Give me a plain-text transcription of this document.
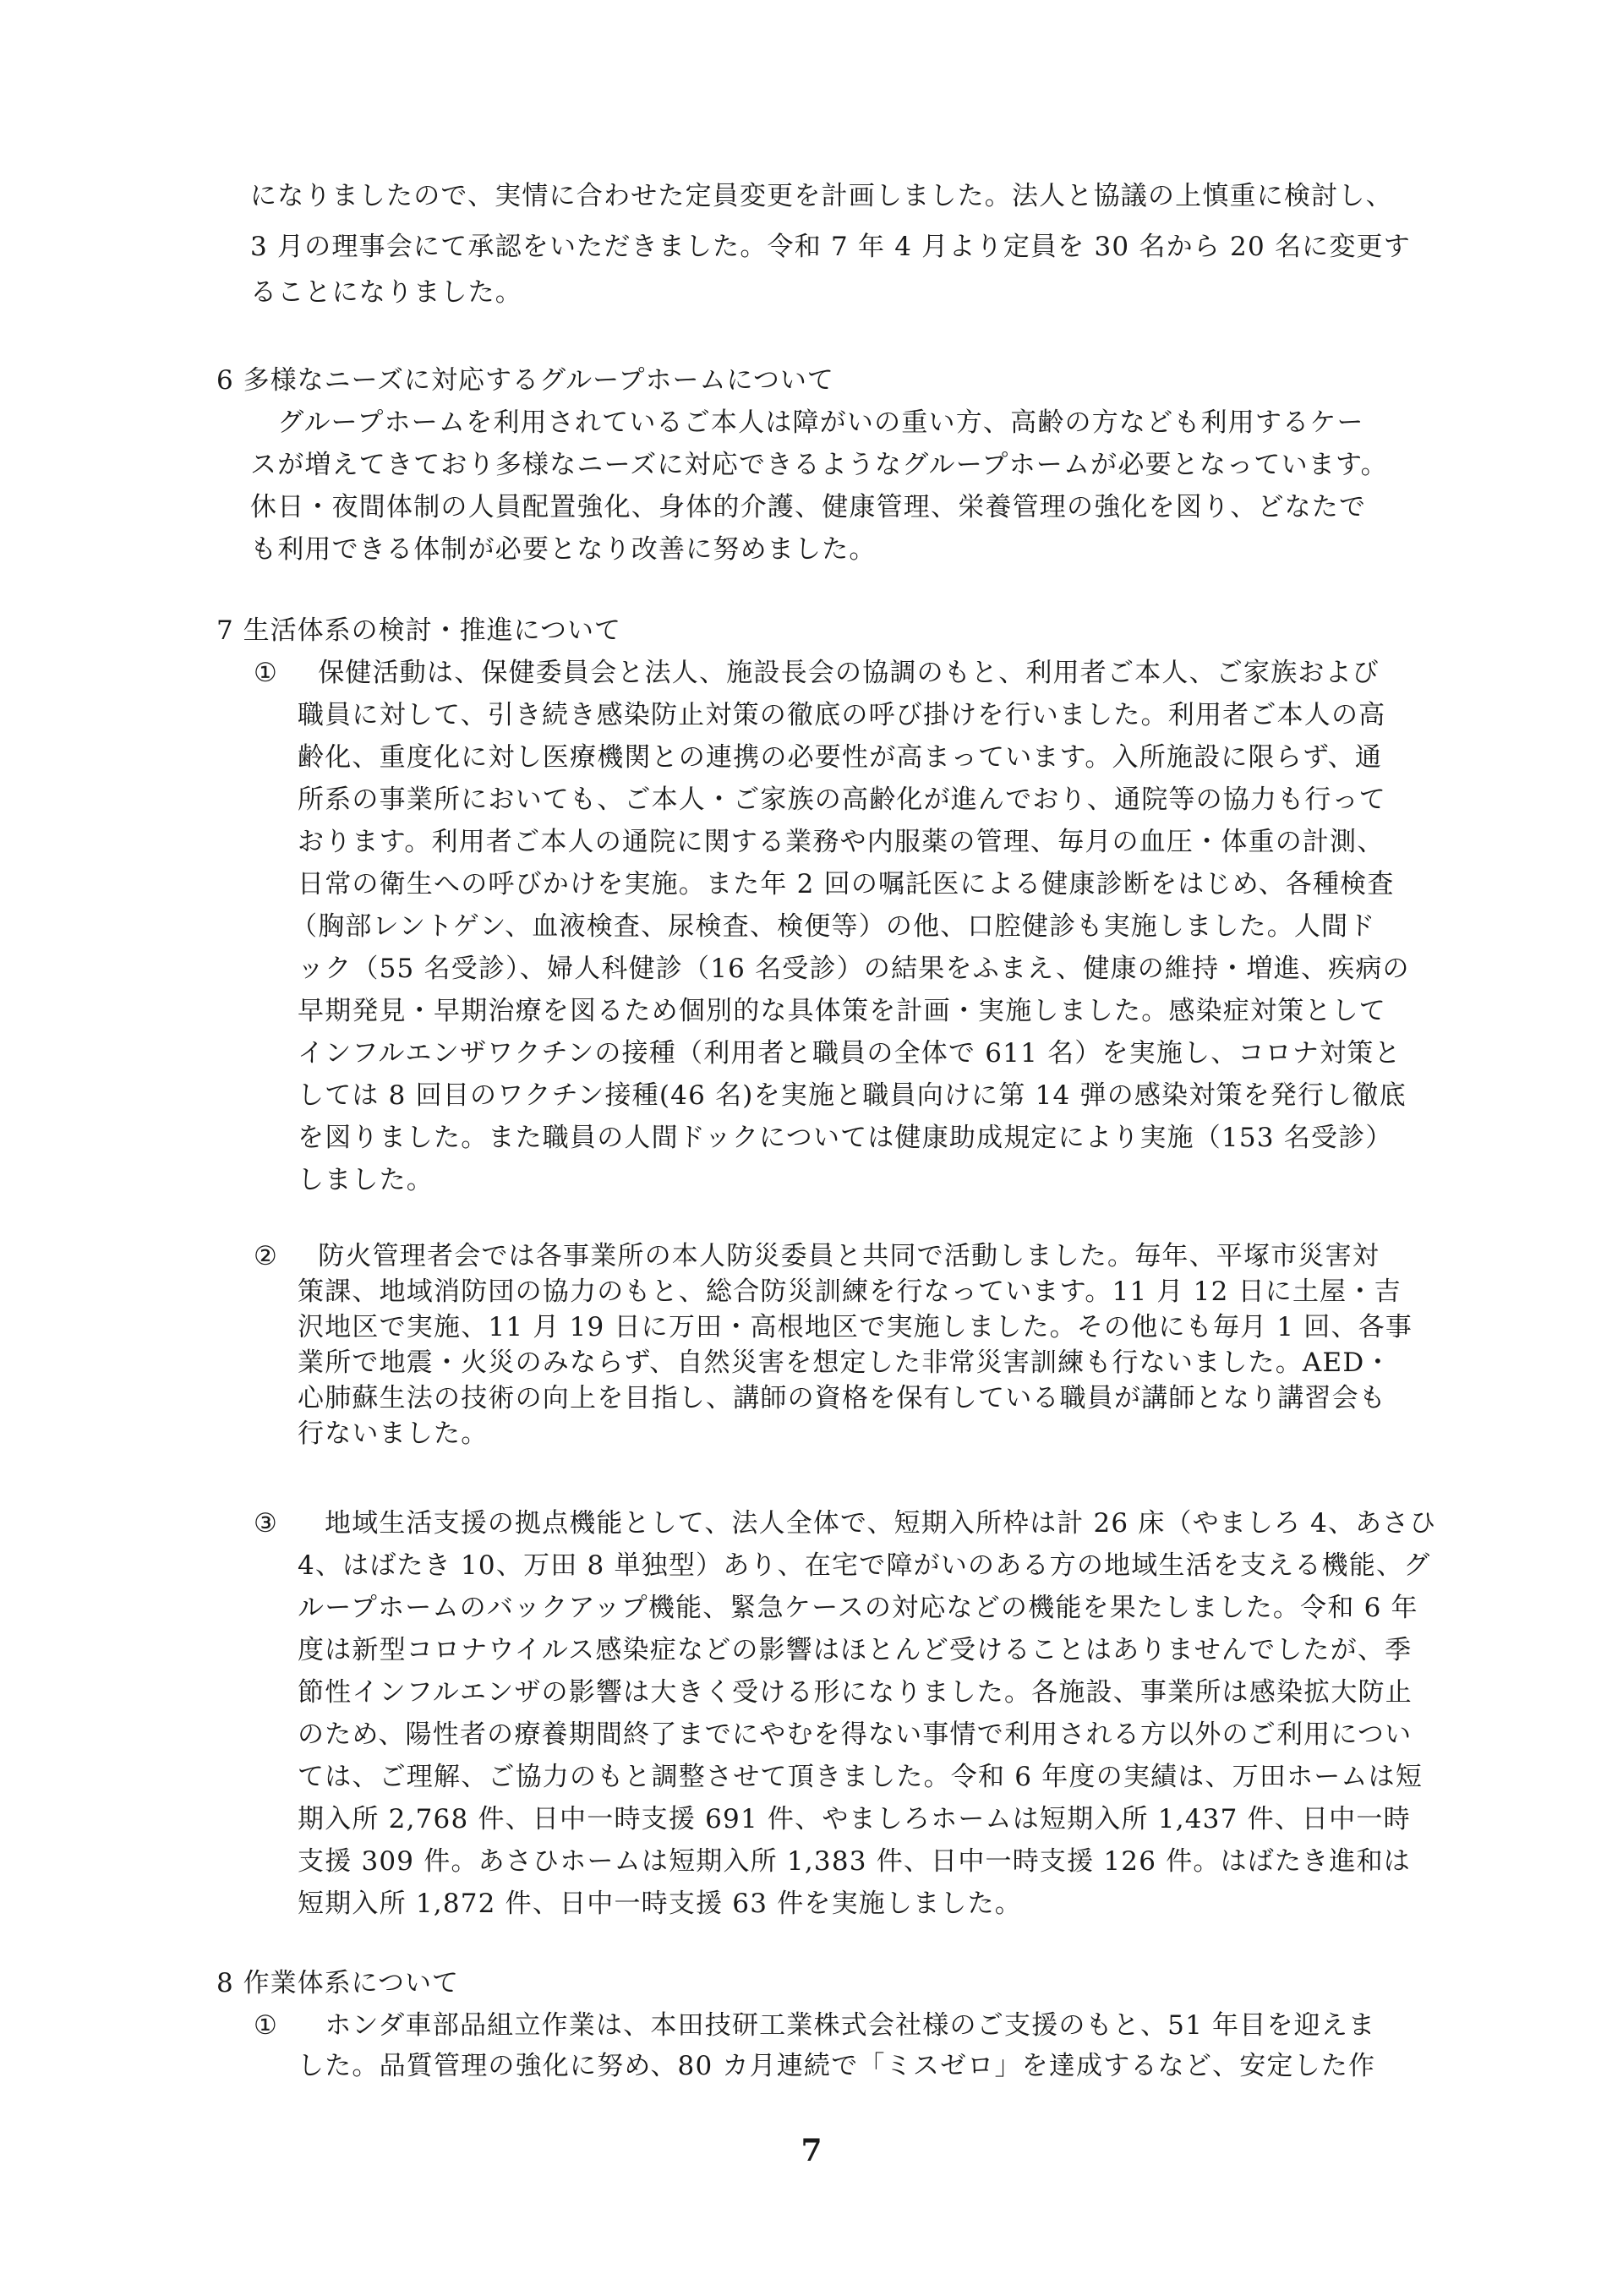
になりましたので、実情に合わせた定員変更を計画しました。法人と協議の上慎重に検討し、
3 月の理事会にて承認をいただきました。令和 7 年 4 月より定員を 30 名から 20 名に変更す
ることになりました。
6 多様なニーズに対応するグループホームについて
　グループホームを利用されているご本人は障がいの重い方、高齢の方なども利用するケー
スが増えてきており多様なニーズに対応できるようなグループホームが必要となっています。
休日・夜間体制の人員配置強化、身体的介護、健康管理、栄養管理の強化を図り、どなたで
も利用できる体制が必要となり改善に努めました。
7 生活体系の検討・推進について
① 　保健活動は、保健委員会と法人、施設長会の協調のもと、利用者ご本人、ご家族および
職員に対して、引き続き感染防止対策の徹底の呼び掛けを行いました。利用者ご本人の高
齢化、重度化に対し医療機関との連携の必要性が高まっています。入所施設に限らず、通
所系の事業所においても、ご本人・ご家族の高齢化が進んでおり、通院等の協力も行って
おります。利用者ご本人の通院に関する業務や内服薬の管理、毎月の血圧・体重の計測、
日常の衛生への呼びかけを実施。また年 2 回の嘱託医による健康診断をはじめ、各種検査
（胸部レントゲン、血液検査、尿検査、検便等）の他、口腔健診も実施しました。人間ド
ック（55 名受診）、婦人科健診（16 名受診）の結果をふまえ、健康の維持・増進、疾病の
早期発見・早期治療を図るため個別的な具体策を計画・実施しました。感染症対策として
インフルエンザワクチンの接種（利用者と職員の全体で 611 名）を実施し、コロナ対策と
しては 8 回目のワクチン接種(46 名)を実施と職員向けに第 14 弾の感染対策を発行し徹底
を図りました。また職員の人間ドックについては健康助成規定により実施（153 名受診）
しました。
② 　防火管理者会では各事業所の本人防災委員と共同で活動しました。毎年、平塚市災害対
策課、地域消防団の協力のもと、総合防災訓練を行なっています。11 月 12 日に土屋・吉
沢地区で実施、11 月 19 日に万田・高根地区で実施しました。その他にも毎月 1 回、各事
業所で地震・火災のみならず、自然災害を想定した非常災害訓練も行ないました。AED・
心肺蘇生法の技術の向上を目指し、講師の資格を保有している職員が講師となり講習会も
行ないました。
③ 　地域生活支援の拠点機能として、法人全体で、短期入所枠は計 26 床（やましろ 4、あさひ
4、はばたき 10、万田 8 単独型）あり、在宅で障がいのある方の地域生活を支える機能、グ
ループホームのバックアップ機能、緊急ケースの対応などの機能を果たしました。令和 6 年
度は新型コロナウイルス感染症などの影響はほとんど受けることはありませんでしたが、季
節性インフルエンザの影響は大きく受ける形になりました。各施設、事業所は感染拡大防止
のため、陽性者の療養期間終了までにやむを得ない事情で利用される方以外のご利用につい
ては、ご理解、ご協力のもと調整させて頂きました。令和 6 年度の実績は、万田ホームは短
期入所 2,768 件、日中一時支援 691 件、やましろホームは短期入所 1,437 件、日中一時
支援 309 件。あさひホームは短期入所 1,383 件、日中一時支援 126 件。はばたき進和は
短期入所 1,872 件、日中一時支援 63 件を実施しました。
8 作業体系について
① 　ホンダ車部品組立作業は、本田技研工業株式会社様のご支援のもと、51 年目を迎えま
した。品質管理の強化に努め、80 カ月連続で「ミスゼロ」を達成するなど、安定した作
7
